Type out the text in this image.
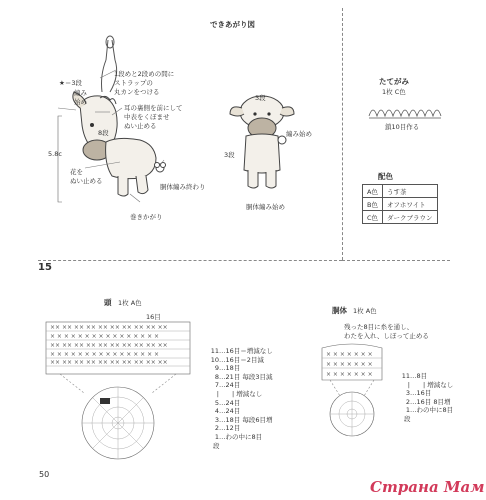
できあがり図
★＝3段
編み
始め
1段めと2段めの間に
ストラップの
丸カンをつける
耳の裏側を前にして
中表をくぼませ
ぬい止める
8段
5.8c
花を
ぬい止める
胴体編み終わり
巻きかがり
3段
3段
編み始め
胴体編み始め
たてがみ
1枚 C色
鎖10目作る
配色
A色	うす茶
B色	オフホワイト
C色	ダークブラウン
15
頭 1枚 A色
16目
×× ×× ×× ×× ×× ×× ×× ×× ×× ××
× × × × × × × × × × × × × × × ×
×× ×× ×× ×× ×× ×× ×× ×× ×× ××
× × × × × × × × × × × × × × × ×
×× ×× ×× ×× ×× ×× ×× ×× ×× ××
11…16目＝増減なし
10…16目＝2目減
9…18目
8…21目 毎段3目減
7…24目
|　　 | 増減なし
5…24目
4…24目
3…18目 毎段6目増
2…12目
1…わの中に8目
段
胴体 1枚 A色
残った8目に糸を通し、
わたを入れ、しぼって止める
× × × × × × ×
× × × × × × ×
× × × × × × ×	11…8目
|　　 | 増減なし
3…16目
2…16目 8目増
1…わの中に8目
段
50
Страна Мам
